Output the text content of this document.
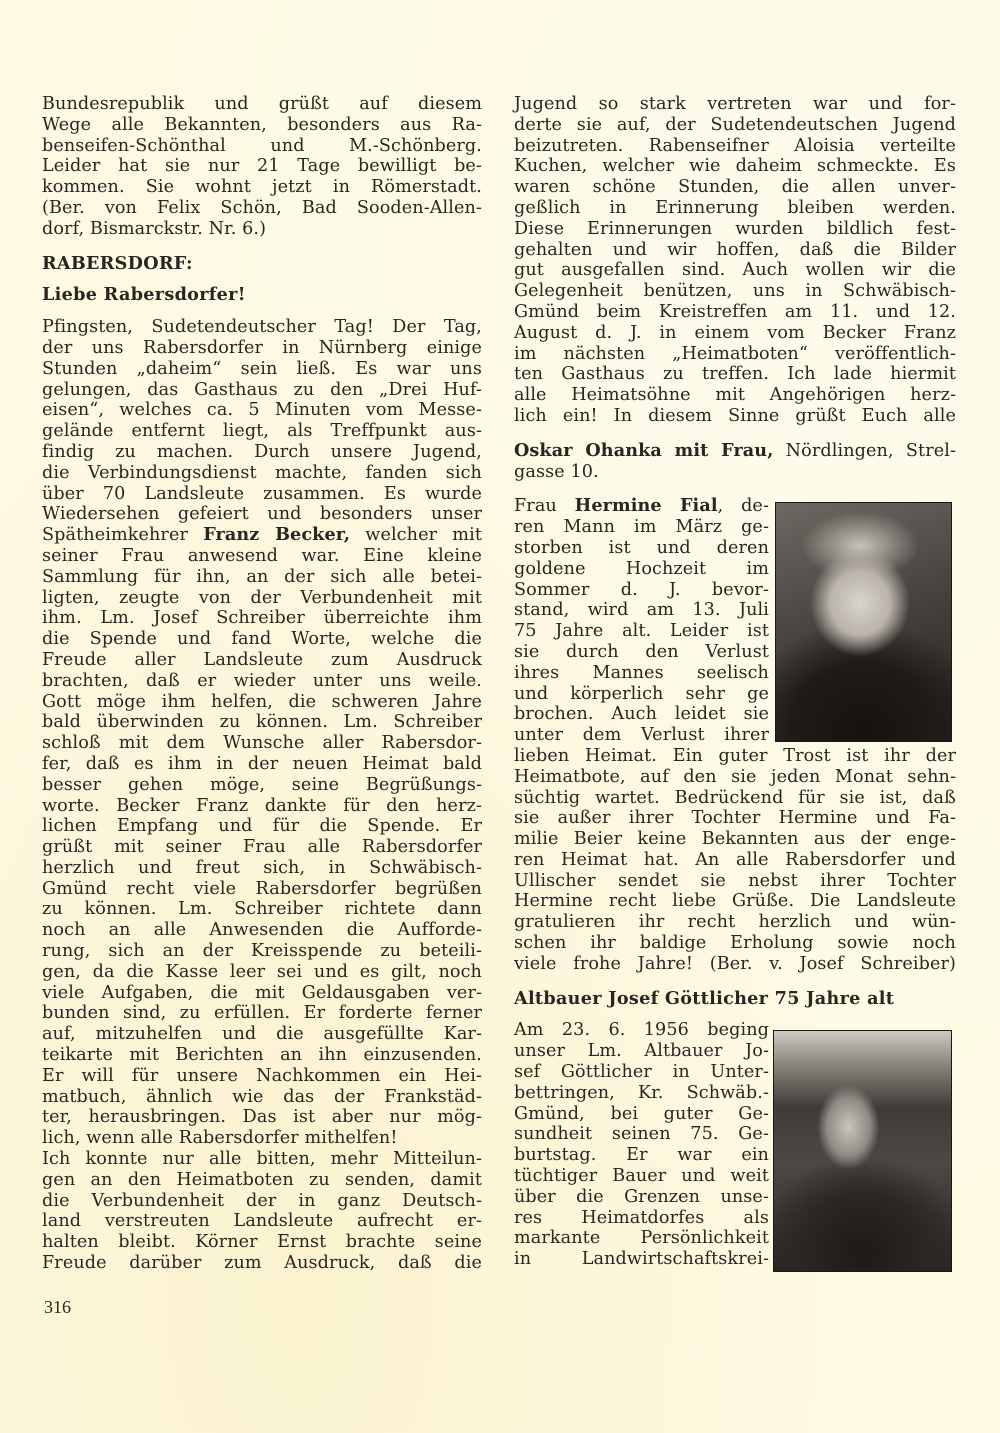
Bundesrepublik und grüßt auf diesem
Wege alle Bekannten, besonders aus Ra-
benseifen-Schönthal und M.-Schönberg.
Leider hat sie nur 21 Tage bewilligt be-
kommen. Sie wohnt jetzt in Römerstadt.
(Ber. von Felix Schön, Bad Sooden-Allen-
dorf, Bismarckstr. Nr. 6.)
RABERSDORF:
Liebe Rabersdorfer!
Pfingsten, Sudetendeutscher Tag! Der Tag,
der uns Rabersdorfer in Nürnberg einige
Stunden „daheim“ sein ließ. Es war uns
gelungen, das Gasthaus zu den „Drei Huf-
eisen“, welches ca. 5 Minuten vom Messe-
gelände entfernt liegt, als Treffpunkt aus-
findig zu machen. Durch unsere Jugend,
die Verbindungsdienst machte, fanden sich
über 70 Landsleute zusammen. Es wurde
Wiedersehen gefeiert und besonders unser
Spätheimkehrer Franz Becker, welcher mit
seiner Frau anwesend war. Eine kleine
Sammlung für ihn, an der sich alle betei-
ligten, zeugte von der Verbundenheit mit
ihm. Lm. Josef Schreiber überreichte ihm
die Spende und fand Worte, welche die
Freude aller Landsleute zum Ausdruck
brachten, daß er wieder unter uns weile.
Gott möge ihm helfen, die schweren Jahre
bald überwinden zu können. Lm. Schreiber
schloß mit dem Wunsche aller Rabersdor-
fer, daß es ihm in der neuen Heimat bald
besser gehen möge, seine Begrüßungs-
worte. Becker Franz dankte für den herz-
lichen Empfang und für die Spende. Er
grüßt mit seiner Frau alle Rabersdorfer
herzlich und freut sich, in Schwäbisch-
Gmünd recht viele Rabersdorfer begrüßen
zu können. Lm. Schreiber richtete dann
noch an alle Anwesenden die Aufforde-
rung, sich an der Kreisspende zu beteili-
gen, da die Kasse leer sei und es gilt, noch
viele Aufgaben, die mit Geldausgaben ver-
bunden sind, zu erfüllen. Er forderte ferner
auf, mitzuhelfen und die ausgefüllte Kar-
teikarte mit Berichten an ihn einzusenden.
Er will für unsere Nachkommen ein Hei-
matbuch, ähnlich wie das der Frankstäd-
ter, herausbringen. Das ist aber nur mög-
lich, wenn alle Rabersdorfer mithelfen!
Ich konnte nur alle bitten, mehr Mitteilun-
gen an den Heimatboten zu senden, damit
die Verbundenheit der in ganz Deutsch-
land verstreuten Landsleute aufrecht er-
halten bleibt. Körner Ernst brachte seine
Freude darüber zum Ausdruck, daß die
Jugend so stark vertreten war und for-
derte sie auf, der Sudetendeutschen Jugend
beizutreten. Rabenseifner Aloisia verteilte
Kuchen, welcher wie daheim schmeckte. Es
waren schöne Stunden, die allen unver-
geßlich in Erinnerung bleiben werden.
Diese Erinnerungen wurden bildlich fest-
gehalten und wir hoffen, daß die Bilder
gut ausgefallen sind. Auch wollen wir die
Gelegenheit benützen, uns in Schwäbisch-
Gmünd beim Kreistreffen am 11. und 12.
August d. J. in einem vom Becker Franz
im nächsten „Heimatboten“ veröffentlich-
ten Gasthaus zu treffen. Ich lade hiermit
alle Heimatsöhne mit Angehörigen herz-
lich ein! In diesem Sinne grüßt Euch alle
Oskar Ohanka mit Frau, Nördlingen, Strel-
gasse 10.
Frau Hermine Fial, de-
ren Mann im März ge-
storben ist und deren
goldene Hochzeit im
Sommer d. J. bevor-
stand, wird am 13. Juli
75 Jahre alt. Leider ist
sie durch den Verlust
ihres Mannes seelisch
und körperlich sehr ge
brochen. Auch leidet sie
unter dem Verlust ihrer
lieben Heimat. Ein guter Trost ist ihr der
Heimatbote, auf den sie jeden Monat sehn-
süchtig wartet. Bedrückend für sie ist, daß
sie außer ihrer Tochter Hermine und Fa-
milie Beier keine Bekannten aus der enge-
ren Heimat hat. An alle Rabersdorfer und
Ullischer sendet sie nebst ihrer Tochter
Hermine recht liebe Grüße. Die Landsleute
gratulieren ihr recht herzlich und wün-
schen ihr baldige Erholung sowie noch
viele frohe Jahre! (Ber. v. Josef Schreiber)
Altbauer Josef Göttlicher 75 Jahre alt
Am 23. 6. 1956 beging
unser Lm. Altbauer Jo-
sef Göttlicher in Unter-
bettringen, Kr. Schwäb.-
Gmünd, bei guter Ge-
sundheit seinen 75. Ge-
burtstag. Er war ein
tüchtiger Bauer und weit
über die Grenzen unse-
res Heimatdorfes als
markante Persönlichkeit
in Landwirtschaftskrei-
316
